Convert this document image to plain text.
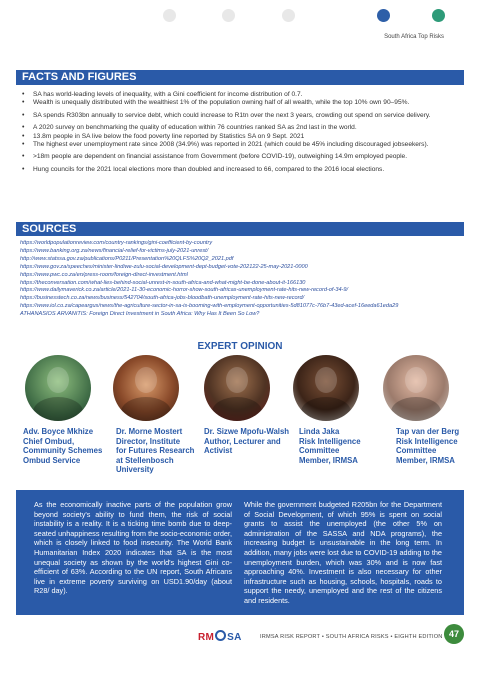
South Africa Top Risks
FACTS AND FIGURES
• SA has world-leading levels of inequality, with a Gini coefficient for income distribution of 0.7.
• Wealth is unequally distributed with the wealthiest 1% of the population owning half of all wealth, while the top 10% own 90–95%.
• SA spends R303bn annually to service debt, which could increase to R1tn over the next 3 years, crowding out spend on service delivery.
• A 2020 survey on benchmarking the quality of education within 76 countries ranked SA as 2nd last in the world.
• 13.8m people in SA live below the food poverty line reported by Statistics SA on 9 Sept. 2021
• The highest ever unemployment rate since 2008 (34.9%) was reported in 2021 (which could be 45% including discouraged jobseekers).
• >18m people are dependent on financial assistance from Government (before COVID-19), outweighing 14.9m employed people.
• Hung councils for the 2021 local elections more than doubled and increased to 66, compared to the 2016 local elections.
SOURCES
https://worldpopulationreview.com/country-rankings/gini-coefficient-by-country
https://www.banking.org.za/news/financial-relief-for-victims-july-2021-unrest/
http://www.statssa.gov.za/publications/P0211/Presentation%20QLFS%20Q2_2021.pdf
https://www.gov.za/speeches/minister-lindiwe-zulu-social-development-dept-budget-vote-202122-25-may-2021-0000
https://www.pwc.co.za/en/press-room/foreign-direct-investment.html
https://theconversation.com/what-lies-behind-social-unrest-in-south-africa-and-what-might-be-done-about-it-166130
https://www.dailymaverick.co.za/article/2021-11-30-economic-horror-show-south-africas-unemployment-rate-hits-new-record-of-34-9/
https://businesstech.co.za/news/business/542704/south-africa-jobs-bloodbath-unemployment-rate-hits-new-record/
https://www.iol.co.za/capeargus/news/the-agriculture-sector-in-sa-is-booming-with-employment-opportunities-5d81077c-76b7-43ed-acef-16eeda61eda29
ATHANASIOS ARVANITIS: Foreign Direct Investment in South Africa: Why Has It Been So Low?
EXPERT OPINION
Adv. Boyce Mkhize
Chief Ombud,
Community Schemes
Ombud Service
Dr. Morne Mostert
Director, Institute
for Futures Research
at Stellenbosch
University
Dr. Sizwe Mpofu-Walsh
Author, Lecturer and
Activist
Linda Jaka
Risk Intelligence
Committee
Member, IRMSA
Tap van der Berg
Risk Intelligence
Committee
Member, IRMSA

As the economically inactive parts of the population grow beyond society's ability to fund them, the risk of social instability is a reality. It is a ticking time bomb due to deep-seated unhappiness resulting from the socio-economic order, which is closely linked to food insecurity. The World Bank Humanitarian Index 2020 indicates that SA is the most unequal society as shown by the world's highest Gini co-efficient of 63%. According to the UN report, South Africans live in extreme poverty surviving on USD1.90/day (about R28/ day).

While the government budgeted R205bn for the Department of Social Development, of which 95% is spent on social grants to assist the unemployed (the other 5% on administration of the SASSA and NDA programs), the increasing budget is unsustainable in the long term. In addition, many jobs were lost due to COVID-19 adding to the unemployment burden, which was 30% and is now fast approaching 40%. Investment is also necessary for other infrastructure such as housing, schools, hospitals, roads to support the needy, unemployed and the rest of the citizens and residents.

RM SA	IRMSA RISK REPORT • SOUTH AFRICA RISKS • EIGHTH EDITION 47
